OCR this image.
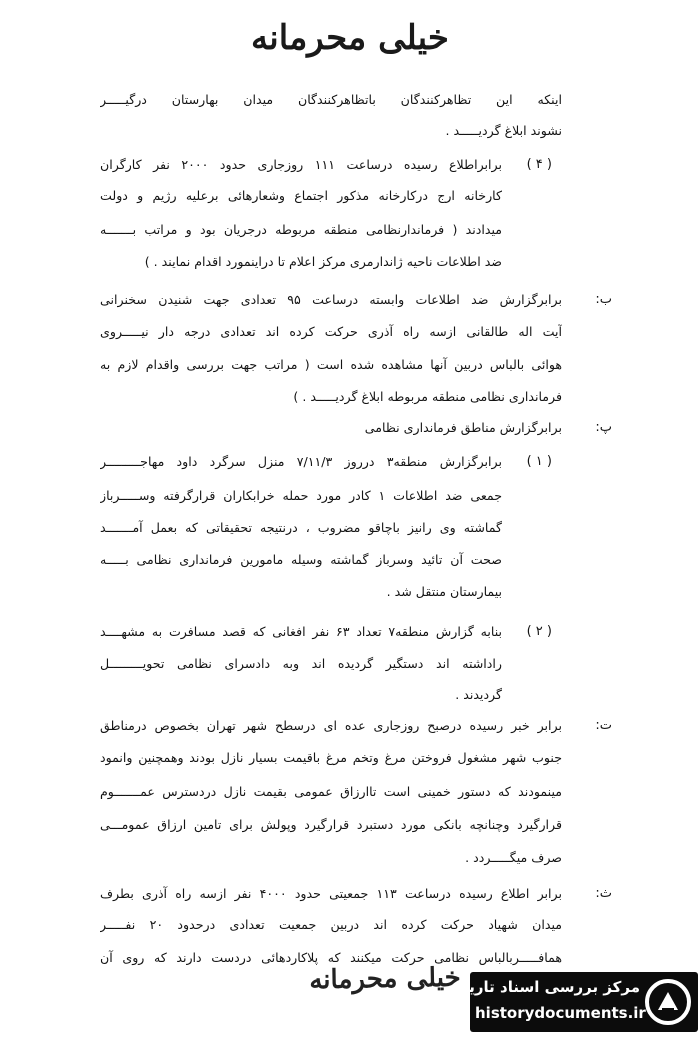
خیلی محرمانه
اینکه این تظاهرکنندگان باتظاهرکنندگان میدان بهارستان درگیـــــر
نشوند ابلاغ گردیـــــد .
( ۴ )
برابراطلاع رسیده درساعت ۱۱۱ روزجاری حدود ۲۰۰۰ نفر کارگران
کارخانه ارج درکارخانه مذکور اجتماع وشعارهائی برعلیه رژیم و دولت
میدادند ( فرماندارنظامی منطقه مربوطه درجریان بود و مراتب بـــــــه
ضد اطلاعات ناحیه ژاندارمری مرکز اعلام تا دراینمورد اقدام نمایند . )
ب:
برابرگزارش ضد اطلاعات وابسته درساعت ۹۵ تعدادی جهت شنیدن سخنرانی
آیت اله طالقانی ازسه راه آذری حرکت کرده اند تعدادی درجه دار نیـــــروی
هوائی بالباس دربین آنها مشاهده شده است ( مراتب جهت بررسی واقدام لازم به
فرمانداری نظامی منطقه مربوطه ابلاغ گردیـــــد . )
پ:
برابرگزارش مناطق فرمانداری نظامی
( ۱ )
برابرگزارش منطقه۳ درروز ۷/۱۱/۳ منزل سرگرد داود مهاجـــــــــر
جمعی ضد اطلاعات ۱ کادر مورد حمله خرابکاران قرارگرفته وســـــرباز
گماشته وی رانیز باچاقو مضروب ، درنتیجه تحقیقاتی که بعمل آمـــــــد
صحت آن تائید وسرباز گماشته وسیله مامورین فرمانداری نظامی بـــــه
بیمارستان منتقل شد .
( ۲ )
بنابه گزارش منطقه۷ تعداد ۶۳ نفر افغانی که قصد مسافرت به مشهــــد
راداشته اند دستگیر گردیده اند وبه دادسرای نظامی تحویـــــــــل
گردیدند .
ت:
برابر خبر رسیده درصبح روزجاری عده ای درسطح شهر تهران بخصوص درمناطق
جنوب شهر مشغول فروختن مرغ وتخم مرغ باقیمت بسیار نازل بودند وهمچنین وانمود
مینمودند که دستور خمینی است تاارزاق عمومی بقیمت نازل دردسترس عمـــــــوم
قرارگیرد وچنانچه بانکی مورد دستبرد قرارگیرد وپولش برای تامین ارزاق عمومـــی
صرف میگـــــردد .
ث:
برابر اطلاع رسیده درساعت ۱۱۳ جمعیتی حدود ۴۰۰۰ نفر ازسه راه آذری بطرف
میدان شهیاد حرکت کرده اند دربین جمعیت تعدادی درحدود ۲۰ نفـــــر
همافـــــربالباس نظامی حرکت میکنند که پلاکاردهائی دردست دارند که روی آن
خیلی محرمانه
مرکز بررسی اسناد تاریخی
historydocuments.ir
